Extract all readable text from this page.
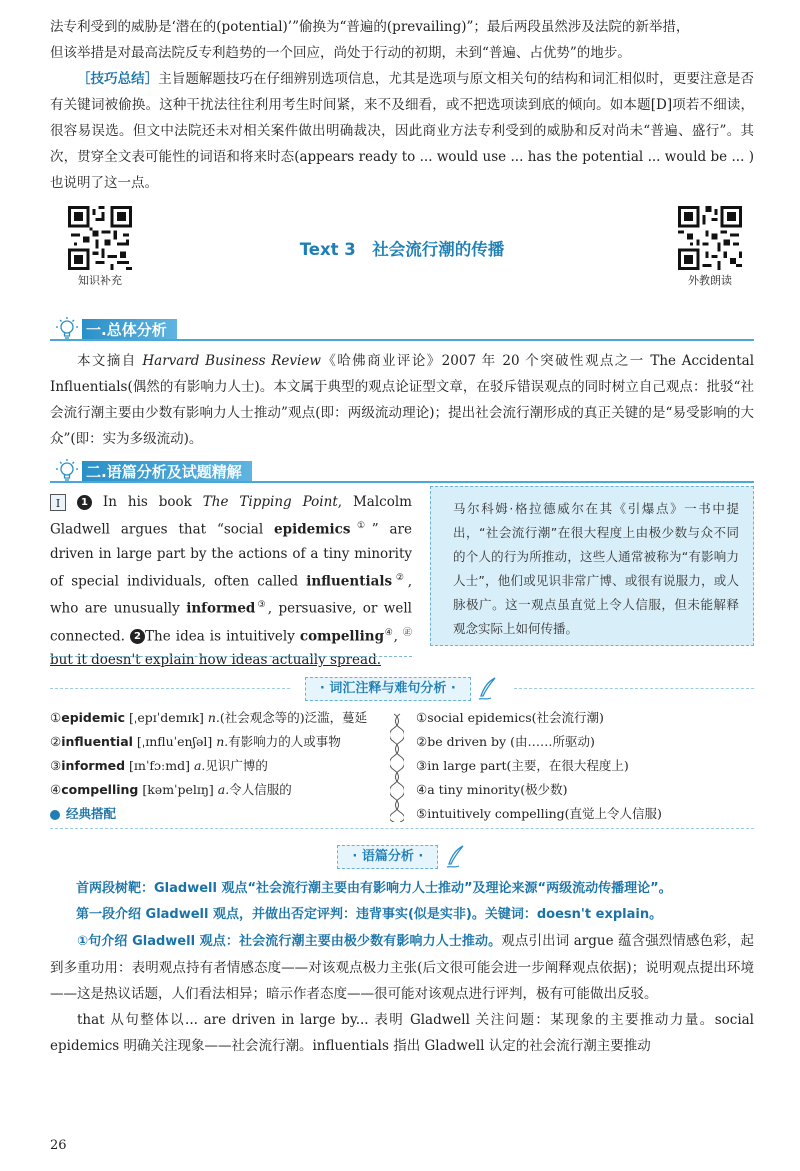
法专利受到的威胁是‘潜在的(potential)’”偷换为“普遍的(prevailing)”；最后两段虽然涉及法院的新举措，

但该举措是对最高法院反专利趋势的一个回应，尚处于行动的初期，未到“普遍、占优势”的地步。

［技巧总结］主旨题解题技巧在仔细辨别选项信息，尤其是选项与原文相关句的结构和词汇相似时，更要注意是否有关键词被偷换。这种干扰法往往利用考生时间紧，来不及细看，或不把选项读到底的倾向。如本题[D]项若不细读，很容易误选。但文中法院还未对相关案件做出明确裁决，因此商业方法专利受到的威胁和反对尚未“普遍、盛行”。其次，贯穿全文表可能性的词语和将来时态(appears ready to ... would use ... has the potential ... would be ... )也说明了这一点。

知识补充
Text 3　社会流行潮的传播
外教朗读
一.总体分析

本文摘自 Harvard Business Review《哈佛商业评论》2007 年 20 个突破性观点之一 The Accidental Influentials(偶然的有影响力人士)。本文属于典型的观点论证型文章，在驳斥错误观点的同时树立自己观点：批驳“社会流行潮主要由少数有影响力人士推动”观点(即：两级流动理论)；提出社会流行潮形成的真正关键的是“易受影响的大众”(即：实为多级流动)。

二.语篇分析及试题精解

I 1 In his book The Tipping Point, Malcolm Gladwell argues that “social epidemics①” are driven in large part by the actions of a tiny minority of special individuals, often called influentials②, who are unusually informed③, persuasive, or well connected. 2 The idea is intuitively compelling④, ㊣but it doesn't explain how ideas actually spread.

马尔科姆·格拉德威尔在其《引爆点》一书中提出，“社会流行潮”在很大程度上由极少数与众不同的个人的行为所推动，这些人通常被称为“有影响力人士”，他们或见识非常广博、或很有说服力，或人脉极广。这一观点虽直觉上令人信服，但未能解释观念实际上如何传播。
· 词汇注释与难句分析 ·
①epidemic [ˌepɪˈdemɪk] n.(社会观念等的)泛滥，蔓延
②influential [ˌɪnfluˈenʃəl] n.有影响力的人或事物
③informed [ɪnˈfɔːmd] a.见识广博的
④compelling [kəmˈpelɪŋ] a.令人信服的
经典搭配
①social epidemics(社会流行潮)
②be driven by (由……所驱动)
③in large part(主要，在很大程度上)
④a tiny minority(极少数)
⑤intuitively compelling(直觉上令人信服)
· 语篇分析 ·

首两段树靶：Gladwell 观点“社会流行潮主要由有影响力人士推动”及理论来源“两级流动传播理论”。

第一段介绍 Gladwell 观点，并做出否定评判：违背事实(似是实非)。关键词：doesn't explain。

①句介绍 Gladwell 观点：社会流行潮主要由极少数有影响力人士推动。观点引出词 argue 蕴含强烈情感色彩，起到多重功用：表明观点持有者情感态度——对该观点极力主张(后文很可能会进一步阐释观点依据)；说明观点提出环境——这是热议话题，人们看法相异；暗示作者态度——很可能对该观点进行评判，极有可能做出反驳。

that 从句整体以... are driven in large by... 表明 Gladwell 关注问题：某现象的主要推动力量。social epidemics 明确关注现象——社会流行潮。influentials 指出 Gladwell 认定的社会流行潮主要推动

26
